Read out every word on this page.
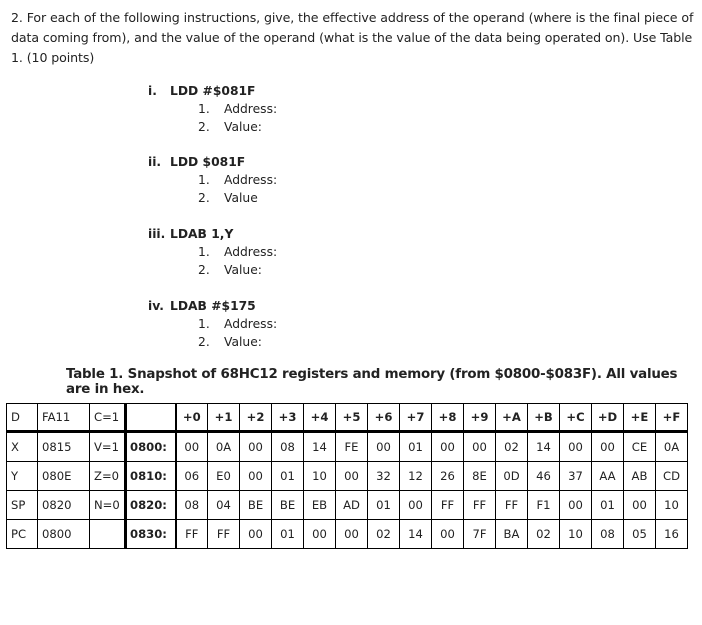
2. For each of the following instructions, give, the effective address of the operand (where is the final piece of data coming from), and the value of the operand (what is the value of the data being operated on). Use Table 1. (10 points)
i. LDD #$081F
1. Address:
2. Value:
ii. LDD $081F
1. Address:
2. Value
iii. LDAB 1,Y
1. Address:
2. Value:
iv. LDAB #$175
1. Address:
2. Value:
Table 1. Snapshot of 68HC12 registers and memory (from $0800-$083F). All values are in hex.
D	FA11	C=1		+0	+1	+2	+3	+4	+5	+6	+7	+8	+9	+A	+B	+C	+D	+E	+F
X	0815	V=1	0800:	00	0A	00	08	14	FE	00	01	00	00	02	14	00	00	CE	0A
Y	080E	Z=0	0810:	06	E0	00	01	10	00	32	12	26	8E	0D	46	37	AA	AB	CD
SP	0820	N=0	0820:	08	04	BE	BE	EB	AD	01	00	FF	FF	FF	F1	00	01	00	10
PC	0800		0830:	FF	FF	00	01	00	00	02	14	00	7F	BA	02	10	08	05	16
